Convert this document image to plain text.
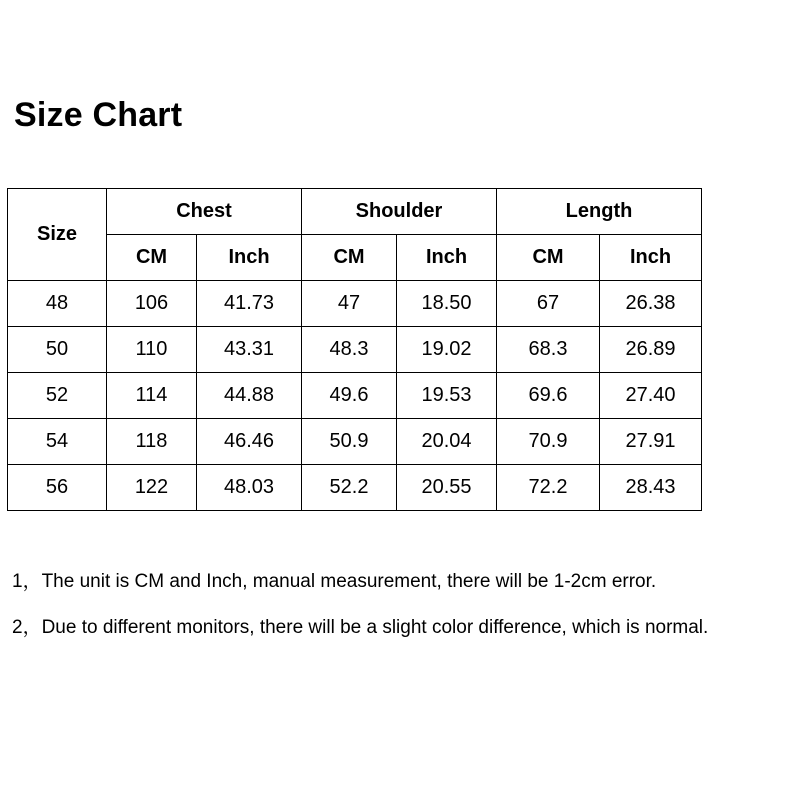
Size Chart
Size	Chest		Shoulder		Length	
	CM	Inch	CM	Inch	CM	Inch
48	106	41.73	47	18.50	67	26.38
50	110	43.31	48.3	19.02	68.3	26.89
52	114	44.88	49.6	19.53	69.6	27.40
54	118	46.46	50.9	20.04	70.9	27.91
56	122	48.03	52.2	20.55	72.2	28.43
1，The unit is CM and Inch, manual measurement, there will be 1-2cm error.
2，Due to different monitors, there will be a slight color difference, which is normal.
